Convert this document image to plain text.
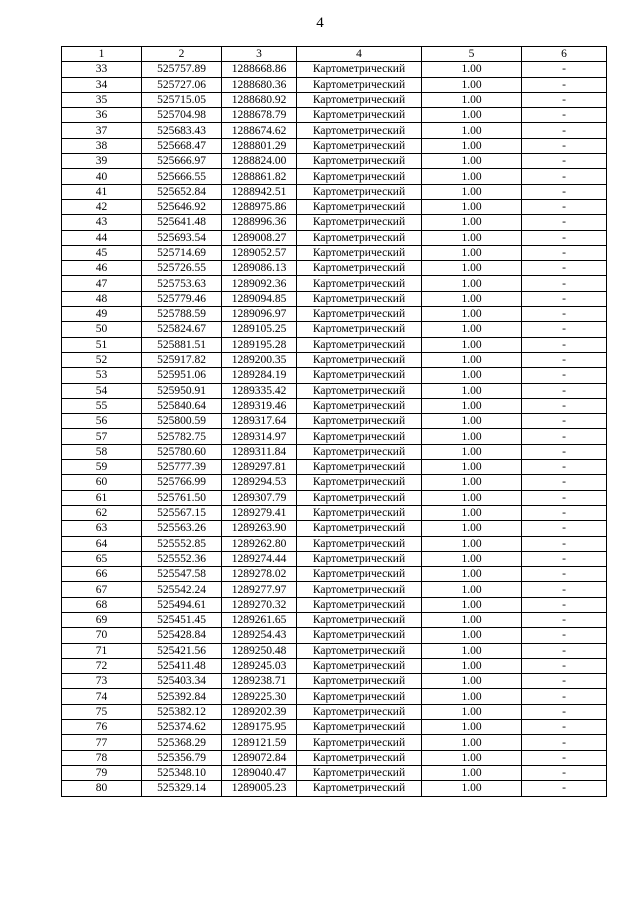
4
1	2	3	4	5	6
33	525757.89	1288668.86	Картометрический	1.00	-
34	525727.06	1288680.36	Картометрический	1.00	-
35	525715.05	1288680.92	Картометрический	1.00	-
36	525704.98	1288678.79	Картометрический	1.00	-
37	525683.43	1288674.62	Картометрический	1.00	-
38	525668.47	1288801.29	Картометрический	1.00	-
39	525666.97	1288824.00	Картометрический	1.00	-
40	525666.55	1288861.82	Картометрический	1.00	-
41	525652.84	1288942.51	Картометрический	1.00	-
42	525646.92	1288975.86	Картометрический	1.00	-
43	525641.48	1288996.36	Картометрический	1.00	-
44	525693.54	1289008.27	Картометрический	1.00	-
45	525714.69	1289052.57	Картометрический	1.00	-
46	525726.55	1289086.13	Картометрический	1.00	-
47	525753.63	1289092.36	Картометрический	1.00	-
48	525779.46	1289094.85	Картометрический	1.00	-
49	525788.59	1289096.97	Картометрический	1.00	-
50	525824.67	1289105.25	Картометрический	1.00	-
51	525881.51	1289195.28	Картометрический	1.00	-
52	525917.82	1289200.35	Картометрический	1.00	-
53	525951.06	1289284.19	Картометрический	1.00	-
54	525950.91	1289335.42	Картометрический	1.00	-
55	525840.64	1289319.46	Картометрический	1.00	-
56	525800.59	1289317.64	Картометрический	1.00	-
57	525782.75	1289314.97	Картометрический	1.00	-
58	525780.60	1289311.84	Картометрический	1.00	-
59	525777.39	1289297.81	Картометрический	1.00	-
60	525766.99	1289294.53	Картометрический	1.00	-
61	525761.50	1289307.79	Картометрический	1.00	-
62	525567.15	1289279.41	Картометрический	1.00	-
63	525563.26	1289263.90	Картометрический	1.00	-
64	525552.85	1289262.80	Картометрический	1.00	-
65	525552.36	1289274.44	Картометрический	1.00	-
66	525547.58	1289278.02	Картометрический	1.00	-
67	525542.24	1289277.97	Картометрический	1.00	-
68	525494.61	1289270.32	Картометрический	1.00	-
69	525451.45	1289261.65	Картометрический	1.00	-
70	525428.84	1289254.43	Картометрический	1.00	-
71	525421.56	1289250.48	Картометрический	1.00	-
72	525411.48	1289245.03	Картометрический	1.00	-
73	525403.34	1289238.71	Картометрический	1.00	-
74	525392.84	1289225.30	Картометрический	1.00	-
75	525382.12	1289202.39	Картометрический	1.00	-
76	525374.62	1289175.95	Картометрический	1.00	-
77	525368.29	1289121.59	Картометрический	1.00	-
78	525356.79	1289072.84	Картометрический	1.00	-
79	525348.10	1289040.47	Картометрический	1.00	-
80	525329.14	1289005.23	Картометрический	1.00	-
